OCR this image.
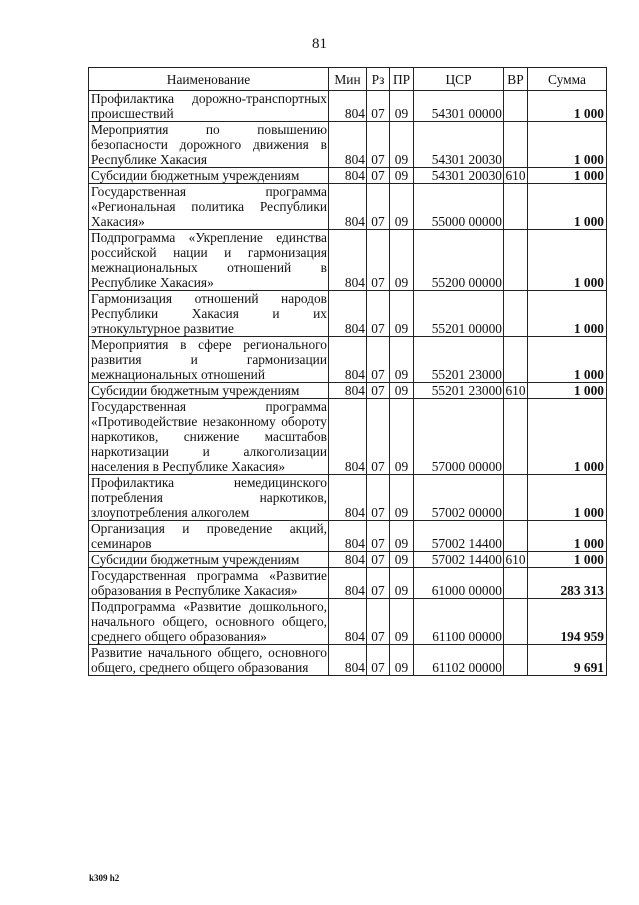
81
Наименование	Мин	Рз	ПР	ЦСР	ВР	Сумма
Профилактика дорожно-транспортных происшествий	804	07	09	54301 00000		1 000
Мероприятия по повышению безопасности дорожного движения в Республике Хакасия	804	07	09	54301 20030		1 000
Субсидии бюджетным учреждениям	804	07	09	54301 20030	610	1 000
Государственная программа «Региональная политика Республики Хакасия»	804	07	09	55000 00000		1 000
Подпрограмма «Укрепление единства российской нации и гармонизация межнациональных отношений в Республике Хакасия»	804	07	09	55200 00000		1 000
Гармонизация отношений народов Республики Хакасия и их этнокультурное развитие	804	07	09	55201 00000		1 000
Мероприятия в сфере регионального развития и гармонизации межнациональных отношений	804	07	09	55201 23000		1 000
Субсидии бюджетным учреждениям	804	07	09	55201 23000	610	1 000
Государственная программа «Противодействие незаконному обороту наркотиков, снижение масштабов наркотизации и алкоголизации населения в Республике Хакасия»	804	07	09	57000 00000		1 000
Профилактика немедицинского потребления наркотиков, злоупотребления алкоголем	804	07	09	57002 00000		1 000
Организация и проведение акций, семинаров	804	07	09	57002 14400		1 000
Субсидии бюджетным учреждениям	804	07	09	57002 14400	610	1 000
Государственная программа «Развитие образования в Республике Хакасия»	804	07	09	61000 00000		283 313
Подпрограмма «Развитие дошкольного, начального общего, основного общего, среднего общего образования»	804	07	09	61100 00000		194 959
Развитие начального общего, основного общего, среднего общего образования	804	07	09	61102 00000		9 691
k309 h2
